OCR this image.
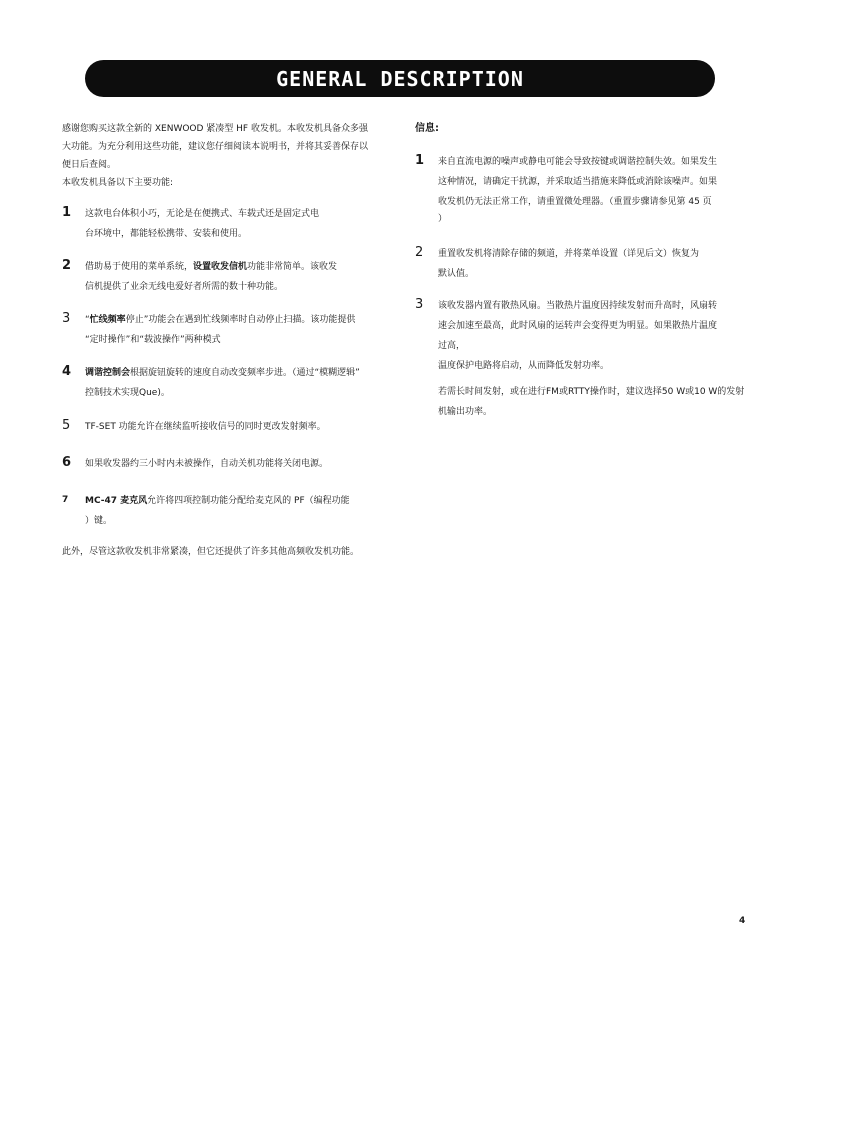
GENERAL DESCRIPTION

感谢您购买这款全新的 XENWOOD 紧凑型 HF 收发机。本收发机具备众多强

大功能。为充分利用这些功能，建议您仔细阅读本说明书，并将其妥善保存以

便日后查阅。

本收发机具备以下主要功能:

1 这款电台体积小巧，无论是在便携式、车载式还是固定式电
台环境中，都能轻松携带、安装和使用。
2 借助易于使用的菜单系统，设置收发信机功能非常简单。该收发
信机提供了业余无线电爱好者所需的数十种功能。
3 “忙线频率停止”功能会在遇到忙线频率时自动停止扫描。该功能提供
“定时操作”和“载波操作”两种模式
4 调谐控制会根据旋钮旋转的速度自动改变频率步进。（通过“模糊逻辑”
控制技术实现Que)。
5 TF-SET 功能允许在继续监听接收信号的同时更改发射频率。
6 如果收发器约三小时内未被操作，自动关机功能将关闭电源。
7 MC-47 麦克风允许将四项控制功能分配给麦克风的 PF（编程功能
）键。

此外，尽管这款收发机非常紧凑，但它还提供了许多其他高频收发机功能。

信息:

1 来自直流电源的噪声或静电可能会导致按键或调谐控制失效。如果发生
这种情况，请确定干扰源，并采取适当措施来降低或消除该噪声。如果
收发机仍无法正常工作，请重置微处理器。（重置步骤请参见第 45 页
）
2 重置收发机将清除存储的频道，并将菜单设置（详见后文）恢复为
默认值。
3 该收发器内置有散热风扇。当散热片温度因持续发射而升高时，风扇转
速会加速至最高，此时风扇的运转声会变得更为明显。如果散热片温度
过高，
温度保护电路将启动，从而降低发射功率。
若需长时间发射，或在进行FM或RTTY操作时，建议选择50 W或10 W的发射
机输出功率。
4
